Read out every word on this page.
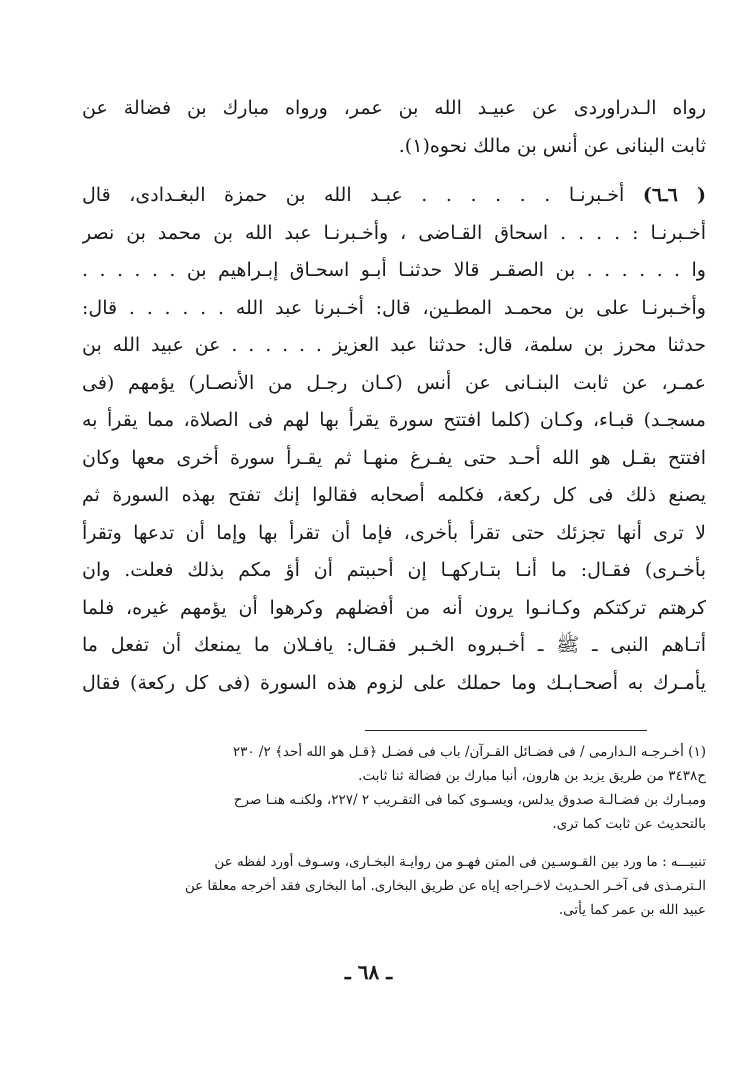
رواه الـدراوردى عن عبيـد الله بن عمر، ورواه مبارك بن فضالة عن
ثابت البنانى عن أنس بن مالك نحوه(١).
( ٦ـ٦) أخـبرنـا . . . . . . عبـد الله بن حمزة البغـدادى، قال
أخـبرنـا : . . . . اسحاق القـاضى ، وأخـبرنـا عبد الله بن محمد بن نصر
وا . . . . . . بن الصقـر قالا حدثنـا أبـو اسحـاق إبـراهيم بن . . . . . .
وأخـبرنـا على بن محمـد المطـين، قال: أخـبرنا عبد الله . . . . . . قال:
حدثنا محرز بن سلمة، قال: حدثنا عبد العزيز . . . . . . عن عبيد الله بن
عمـر، عن ثابت البنـانى عن أنس (كـان رجـل من الأنصـار) يؤمهم (فى
مسجـد) قبـاء، وكـان (كلما افتتح سورة يقرأ بها لهم فى الصلاة، مما يقرأ به
افتتح بقـل هو الله أحـد حتى يفـرغ منهـا ثم يقـرأ سورة أخرى معها وكان
يصنع ذلك فى كل ركعة، فكلمه أصحابه فقالوا إنك تفتح بهذه السورة ثم
لا ترى أنها تجزئك حتى تقرأ بأخرى، فإما أن تقرأ بها وإما أن تدعها وتقرأ
بأخـرى) فقـال: ما أنـا بتـاركهـا إن أحببتم أن أؤ مكم بذلك فعلت. وان
كرهتم تركتكم وكـانـوا يرون أنه من أفضلهم وكرهوا أن يؤمهم غيره، فلما
أتـاهم النبى ـ ﷺ ـ أخـبروه الخـبر فقـال: يافـلان ما يمنعك أن تفعل ما
يأمـرك به أصحـابـك وما حملك على لزوم هذه السورة (فى كل ركعة) فقال
(١) أخـرجـه الـدارمى / فى فضـائل القـرآن/ باب فى فضـل ﴿قـل هو الله أحد﴾ ٢/ ٢٣٠
ح٣٤٣٨ من طريق يزيد بن هارون، أنبا مبارك بن فضالة ثنا ثابت.
ومبـارك بن فضـالـة صدوق يدلس، ويسـوى كما فى التقـريب ٢ /٢٢٧، ولكنـه هنـا صرح
بالتحديث عن ثابت كما ترى.
تنبيـــه : ما ورد بين القـوسـين فى المتن فهـو من روايـة البخـارى، وسـوف أورد لفظه عن
الـترمـذى فى آخـر الحـديث لاخـراجه إياه عن طريق البخارى. أما البخارى فقد أخرجه معلقا عن
عبيد الله بن عمر كما يأتى.
ـ ٦٨ ـ
